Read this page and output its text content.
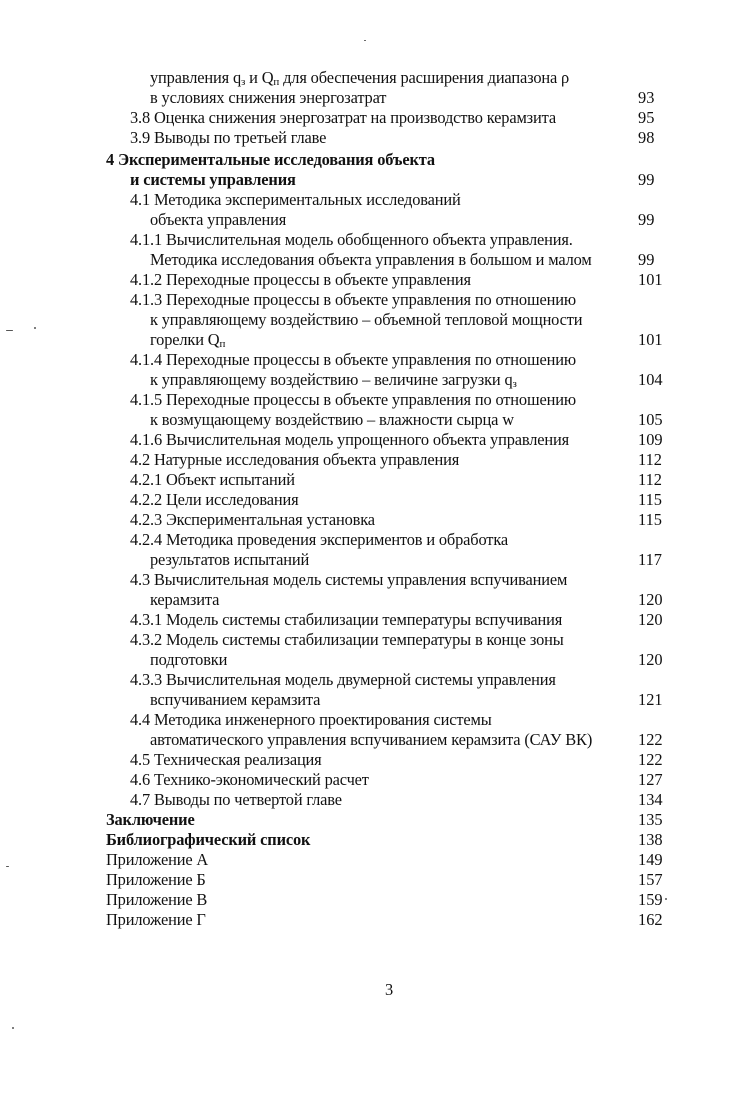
управления $q_з$ и $Q_п$ для обеспечения расширения диапазона ρ
в условиях снижения энергозатрат	93
3.8 Оценка снижения энергозатрат на производство керамзита	95
3.9 Выводы по третьей главе	98
4 Экспериментальные исследования объекта
и системы управления	99
4.1 Методика экспериментальных исследований
объекта управления	99
4.1.1 Вычислительная модель обобщенного объекта управления.
Методика исследования объекта управления в большом и малом	99
4.1.2 Переходные процессы в объекте управления	101
4.1.3 Переходные процессы в объекте управления по отношению
к управляющему воздействию – объемной тепловой мощности
горелки $Q_п$	101
4.1.4 Переходные процессы в объекте управления по отношению
к управляющему воздействию – величине загрузки $q_з$	104
4.1.5 Переходные процессы в объекте управления по отношению
к возмущающему воздействию – влажности сырца w	105
4.1.6 Вычислительная модель упрощенного объекта управления	109
4.2 Натурные исследования объекта управления	112
4.2.1 Объект испытаний	112
4.2.2 Цели исследования	115
4.2.3 Экспериментальная установка	115
4.2.4 Методика проведения экспериментов и обработка
результатов испытаний	117
4.3 Вычислительная модель системы управления вспучиванием
керамзита	120
4.3.1 Модель системы стабилизации температуры вспучивания	120
4.3.2 Модель системы стабилизации температуры в конце зоны
подготовки	120
4.3.3 Вычислительная модель двумерной системы управления
вспучиванием керамзита	121
4.4 Методика инженерного проектирования системы
автоматического управления вспучиванием керамзита (САУ ВК)	122
4.5 Техническая реализация	122
4.6 Технико-экономический расчет	127
4.7 Выводы по четвертой главе	134
Заключение	135
Библиографический список	138
Приложение А	149
Приложение Б	157
Приложение В	159
Приложение Г	162
3
